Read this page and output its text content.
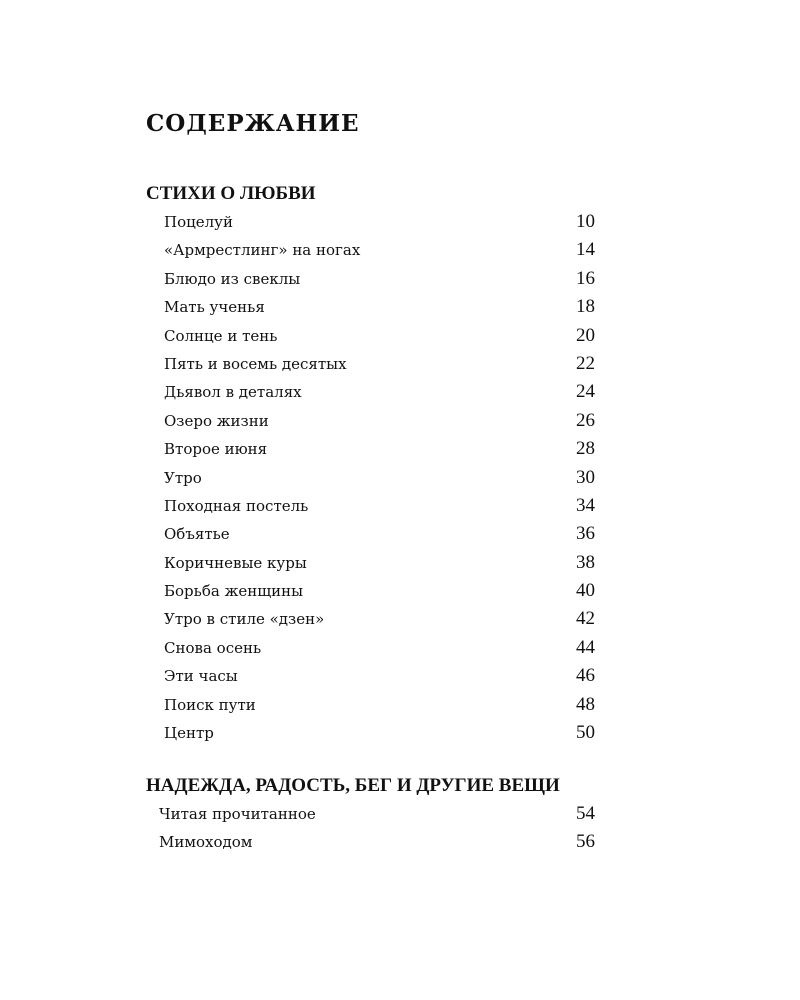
СОДЕРЖАНИЕ
СТИХИ О ЛЮБВИ
Поцелуй	10
«Армрестлинг» на ногах	14
Блюдо из свеклы	16
Мать ученья	18
Солнце и тень	20
Пять и восемь десятых	22
Дьявол в деталях	24
Озеро жизни	26
Второе июня	28
Утро	30
Походная постель	34
Объятье	36
Коричневые куры	38
Борьба женщины	40
Утро в стиле «дзен»	42
Снова осень	44
Эти часы	46
Поиск пути	48
Центр	50
НАДЕЖДА, РАДОСТЬ, БЕГ И ДРУГИЕ ВЕЩИ
Читая прочитанное	54
Мимоходом	56
